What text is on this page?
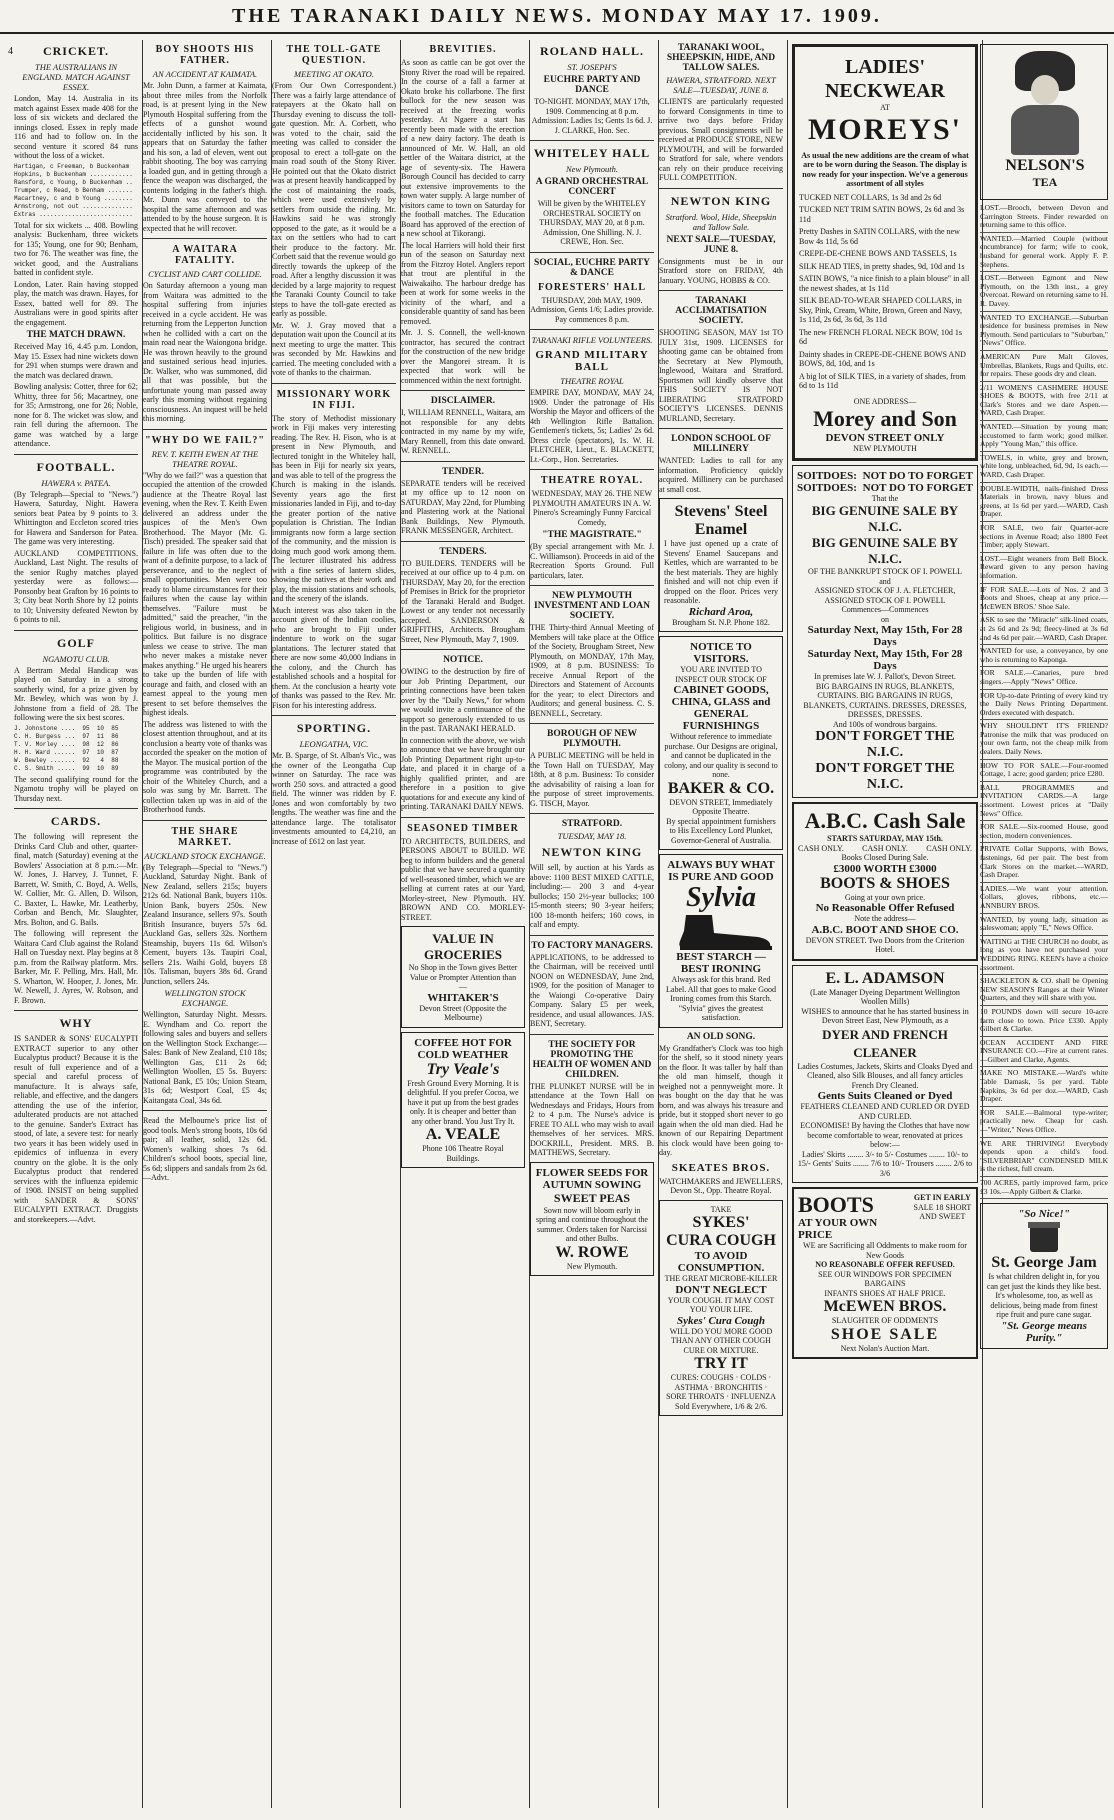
THE TARANAKI DAILY NEWS. MONDAY MAY 17. 1909.
4	CRICKET.
THE AUSTRALIANS IN ENGLAND. MATCH AGAINST ESSEX.

London, May 14. Australia in its match against Essex made 408 for the loss of six wickets and declared the innings closed. Essex in reply made 116 and had to follow on. In the second venture it scored 84 runs without the loss of a wicket.

Hartigan, c Freeman, b Buckenham
Hopkins, b Buckenham ............
Ransford, c Young, b Buckenham ..
Trumper, c Read, b Benham .......
Macartney, c and b Young ........
Armstrong, not out ..............
Extras ..........................

Total for six wickets ... 408. Bowling analysis: Buckenham, three wickets for 135; Young, one for 90; Benham, two for 76. The weather was fine, the wicket good, and the Australians batted in confident style.

London, Later. Rain having stopped play, the match was drawn. Hayes, for Essex, batted well for 89. The Australians were in good spirits after the engagement.

THE MATCH DRAWN.

Received May 16, 4.45 p.m. London, May 15. Essex had nine wickets down for 291 when stumps were drawn and the match was declared drawn.

Bowling analysis: Cotter, three for 62; Whitty, three for 56; Macartney, one for 35; Armstrong, one for 26; Noble, none for 8. The wicket was slow, and rain fell during the afternoon. The game was watched by a large attendance.

FOOTBALL.
HAWERA v. PATEA.

(By Telegraph—Special to "News.") Hawera, Saturday, Night. Hawera seniors beat Patea by 9 points to 3. Whittington and Eccleton scored tries for Hawera and Sanderson for Patea. The game was very interesting.

AUCKLAND COMPETITIONS. Auckland, Last Night. The results of the senior Rugby matches played yesterday were as follows:—Ponsonby beat Grafton by 16 points to 3; City beat North Shore by 12 points to 10; University defeated Newton by 6 points to nil.

GOLF
NGAMOTU CLUB.

A Bertram Medal Handicap was played on Saturday in a strong southerly wind, for a prize given by Mr. Bewley, which was won by J. Johnstone from a field of 28. The following were the six best scores.

J. Johnstone ....  95  10  85
C. H. Burgess ...  97  11  86
T. V. Morley ....  98  12  86
H. H. Ward ......  97  10  87
W. Bewley .......  92   4  88
C. S. Smith .....  99  10  89

The second qualifying round for the Ngamotu trophy will be played on Thursday next.

CARDS.

The following will represent the Drinks Card Club and other, quarter-final, match (Saturday) evening at the Bowlers' Association at 8 p.m.:—Mr. W. Jones, J. Harvey, J. Tunnet, F. Barrett, W. Smith, C. Boyd, A. Wells, W. Collier, Mr. G. Allen, D. Wilson, C. Baxter, L. Hawke, Mr. Leatherby, Corban and Bench, Mr. Slaughter, Mrs. Bolton, and G. Bails.

The following will represent the Waitara Card Club against the Roland Hall on Tuesday next. Play begins at 8 p.m. from the Railway platform. Mrs. Barker, Mr. F. Pelling, Mrs. Hall, Mr. S. Wharton, W. Hooper, J. Jones, Mr. W. Newell, J. Ayres, W. Robson, and F. Brown.

WHY

IS SANDER & SONS' EUCALYPTI EXTRACT superior to any other Eucalyptus product? Because it is the result of full experience and of a special and careful process of manufacture. It is always safe, reliable, and effective, and the dangers attending the use of the inferior, adulterated products are not attached to the genuine. Sander's Extract has stood, of late, a severe test: for nearly two years it has been widely used in epidemics of influenza in every country on the globe. It is the only Eucalyptus product that rendered services with the influenza epidemic of 1908. INSIST on being supplied with SANDER & SONS' EUCALYPTI EXTRACT. Druggists and storekeepers.—Advt.

BOY SHOOTS HIS FATHER.
AN ACCIDENT AT KAIMATA.

Mr. John Dunn, a farmer at Kaimata, about three miles from the Norfolk road, is at present lying in the New Plymouth Hospital suffering from the effects of a gunshot wound accidentally inflicted by his son. It appears that on Saturday the father and his son, a lad of eleven, went out rabbit shooting. The boy was carrying a loaded gun, and in getting through a fence the weapon was discharged, the contents lodging in the father's thigh. Mr. Dunn was conveyed to the hospital the same afternoon and was attended to by the house surgeon. It is expected that he will recover.

A WAITARA FATALITY.
CYCLIST AND CART COLLIDE.

On Saturday afternoon a young man from Waitara was admitted to the hospital suffering from injuries received in a cycle accident. He was returning from the Lepperton Junction when he collided with a cart on the main road near the Waiongona bridge. He was thrown heavily to the ground and sustained serious head injuries. Dr. Walker, who was summoned, did all that was possible, but the unfortunate young man passed away early this morning without regaining consciousness. An inquest will be held this morning.

"WHY DO WE FAIL?"
REV. T. KEITH EWEN AT THE THEATRE ROYAL.

"Why do we fail?" was a question that occupied the attention of the crowded audience at the Theatre Royal last evening, when the Rev. T. Keith Ewen delivered an address under the auspices of the Men's Own Brotherhood. The Mayor (Mr. G. Tisch) presided. The speaker said that failure in life was often due to the want of a definite purpose, to a lack of perseverance, and to the neglect of small opportunities. Men were too ready to blame circumstances for their failures when the cause lay within themselves. "Failure must be admitted," said the preacher, "in the religious world, in business, and in politics. But failure is no disgrace unless we cease to strive. The man who never makes a mistake never makes anything." He urged his hearers to take up the burden of life with courage and faith, and closed with an earnest appeal to the young men present to set before themselves the highest ideals.

The address was listened to with the closest attention throughout, and at its conclusion a hearty vote of thanks was accorded the speaker on the motion of the Mayor. The musical portion of the programme was contributed by the choir of the Whiteley Church, and a solo was sung by Mr. Barrett. The collection taken up was in aid of the Brotherhood funds.

THE SHARE MARKET.
AUCKLAND STOCK EXCHANGE.

(By Telegraph—Special to "News.") Auckland, Saturday Night. Bank of New Zealand, sellers 215s; buyers 212s 6d. National Bank, buyers 110s. Union Bank, buyers 250s. New Zealand Insurance, sellers 97s. South British Insurance, buyers 57s 6d. Auckland Gas, sellers 32s. Northern Steamship, buyers 11s 6d. Wilson's Cement, buyers 13s. Taupiri Coal, sellers 21s. Waihi Gold, buyers £8 10s. Talisman, buyers 38s 6d. Grand Junction, sellers 24s.

WELLINGTON STOCK EXCHANGE.

Wellington, Saturday Night. Messrs. E. Wyndham and Co. report the following sales and buyers and sellers on the Wellington Stock Exchange:—Sales: Bank of New Zealand, £10 18s; Wellington Gas, £11 2s 6d; Wellington Woollen, £5 5s. Buyers: National Bank, £5 10s; Union Steam, 31s 6d; Westport Coal, £5 4s; Kaitangata Coal, 34s 6d.

Read the Melbourne's price list of good tools. Men's strong boots, 10s 6d pair; all leather, solid, 12s 6d. Women's walking shoes 7s 6d. Children's school boots, special line, 5s 6d; slippers and sandals from 2s 6d.—Advt.

THE TOLL-GATE QUESTION.
MEETING AT OKATO.

(From Our Own Correspondent.) There was a fairly large attendance of ratepayers at the Okato hall on Thursday evening to discuss the toll-gate question. Mr. A. Corbett, who was voted to the chair, said the meeting was called to consider the proposal to erect a toll-gate on the main road south of the Stony River. He pointed out that the Okato district was at present heavily handicapped by the cost of maintaining the roads, which were used extensively by settlers from outside the riding. Mr. Hawkins said he was strongly opposed to the gate, as it would be a tax on the settlers who had to cart their produce to the factory. Mr. Corbett said that the revenue would go directly towards the upkeep of the road. After a lengthy discussion it was decided by a large majority to request the Taranaki County Council to take steps to have the toll-gate erected as early as possible.

Mr. W. J. Gray moved that a deputation wait upon the Council at its next meeting to urge the matter. This was seconded by Mr. Hawkins and carried. The meeting concluded with a vote of thanks to the chairman.

MISSIONARY WORK IN FIJI.

The story of Methodist missionary work in Fiji makes very interesting reading. The Rev. H. Fison, who is at present in New Plymouth, and lectured tonight in the Whiteley hall, has been in Fiji for nearly six years, and was able to tell of the progress the Church is making in the islands. Seventy years ago the first missionaries landed in Fiji, and to-day the greater portion of the native population is Christian. The Indian immigrants now form a large section of the community, and the mission is doing much good work among them. The lecturer illustrated his address with a fine series of lantern slides, showing the natives at their work and play, the mission stations and schools, and the scenery of the islands.

Much interest was also taken in the account given of the Indian coolies, who are brought to Fiji under indenture to work on the sugar plantations. The lecturer stated that there are now some 40,000 Indians in the colony, and the Church has established schools and a hospital for them. At the conclusion a hearty vote of thanks was passed to the Rev. Mr. Fison for his interesting address.

SPORTING.
LEONGATHA, VIC.

Mr. B. Sparge, of St. Alban's Vic., was the owner of the Leongatha Cup winner on Saturday. The race was worth 250 sovs. and attracted a good field. The winner was ridden by F. Jones and won comfortably by two lengths. The weather was fine and the attendance large. The totalisator investments amounted to £4,210, an increase of £612 on last year.

BREVITIES.

As soon as cattle can be got over the Stony River the road will be repaired. In the course of a fall a farmer at Okato broke his collarbone. The first bullock for the new season was received at the freezing works yesterday. At Ngaere a start has recently been made with the erection of a new dairy factory. The death is announced of Mr. W. Hall, an old settler of the Waitara district, at the age of seventy-six. The Hawera Borough Council has decided to carry out extensive improvements to the town water supply. A large number of visitors came to town on Saturday for the football matches. The Education Board has approved of the erection of a new school at Tikorangi.

The local Harriers will hold their first run of the season on Saturday next from the Fitzroy Hotel. Anglers report that trout are plentiful in the Waiwakaiho. The harbour dredge has been at work for some weeks in the vicinity of the wharf, and a considerable quantity of sand has been removed.

Mr. J. S. Connell, the well-known contractor, has secured the contract for the construction of the new bridge over the Mangorei stream. It is expected that work will be commenced within the next fortnight.

DISCLAIMER.

I, WILLIAM RENNELL, Waitara, am not responsible for any debts contracted in my name by my wife, Mary Rennell, from this date onward. W. RENNELL.

TENDER.

SEPARATE tenders will be received at my office up to 12 noon on SATURDAY, May 22nd, for Plumbing and Plastering work at the National Bank Buildings, New Plymouth. FRANK MESSENGER, Architect.

TENDERS.

TO BUILDERS. TENDERS will be received at our office up to 4 p.m. on THURSDAY, May 20, for the erection of Premises in Brick for the proprietor of the Taranaki Herald and Budget. Lowest or any tender not necessarily accepted. SANDERSON & GRIFFITHS, Architects. Brougham Street, New Plymouth, May 7, 1909.

NOTICE.

OWING to the destruction by fire of our Job Printing Department, our printing connections have been taken over by the "Daily News," for whom we would invite a continuance of the support so generously extended to us in the past. TARANAKI HERALD.

In connection with the above, we wish to announce that we have brought our Job Printing Department right up-to-date, and placed it in charge of a highly qualified printer, and are therefore in a position to give quotations for and execute any kind of printing. TARANAKI DAILY NEWS.

SEASONED TIMBER

TO ARCHITECTS, BUILDERS, and PERSONS ABOUT to BUILD. WE beg to inform builders and the general public that we have secured a quantity of well-seasoned timber, which we are selling at current rates at our Yard, Morley-street, New Plymouth. HY. BROWN AND CO. MORLEY-STREET.

VALUE IN GROCERIES
No Shop in the Town gives Better Value or Prompter Attention than —
WHITAKER'S
Devon Street (Opposite the Melbourne)
COFFEE HOT FOR COLD WEATHER
Try Veale's
Fresh Ground Every Morning. It is delightful. If you prefer Cocoa, we have it put up from the best grades only. It is cheaper and better than any other brand. You Just Try It.
A. VEALE
Phone 106 Theatre Royal Buildings.
ROLAND HALL.
ST. JOSEPH'S
EUCHRE PARTY AND DANCE

TO-NIGHT. MONDAY, MAY 17th, 1909. Commencing at 8 p.m. Admission: Ladies 1s; Gents 1s 6d. J. J. CLARKE, Hon. Sec.

WHITELEY HALL
New Plymouth.
A GRAND ORCHESTRAL CONCERT

Will be given by the WHITELEY ORCHESTRAL SOCIETY on THURSDAY, MAY 20, at 8 p.m. Admission, One Shilling. N. J. CREWE, Hon. Sec.

SOCIAL, EUCHRE PARTY & DANCE
FORESTERS' HALL

THURSDAY, 20th MAY, 1909. Admission, Gents 1/6; Ladies provide. Pay commences 8 p.m.

TARANAKI RIFLE VOLUNTEERS.
GRAND MILITARY BALL
THEATRE ROYAL

EMPIRE DAY, MONDAY, MAY 24, 1909. Under the patronage of His Worship the Mayor and officers of the 4th Wellington Rifle Battalion. Gentlemen's tickets, 5s; Ladies' 2s 6d. Dress circle (spectators), 1s. W. H. FLETCHER, Lieut., E. BLACKETT, Lt.-Corp., Hon. Secretaries.

THEATRE ROYAL.

WEDNESDAY, MAY 26. THE NEW PLYMOUTH AMATEURS IN A. W. Pinero's Screamingly Funny Farcical Comedy,

"THE MAGISTRATE."

(By special arrangement with Mr. J. C. Williamson). Proceeds in aid of the Recreation Sports Ground. Full particulars, later.

NEW PLYMOUTH INVESTMENT AND LOAN SOCIETY.

THE Thirty-third Annual Meeting of Members will take place at the Office of the Society, Brougham Street, New Plymouth, on MONDAY, 17th May, 1909, at 8 p.m. BUSINESS: To receive Annual Report of the Directors and Statement of Accounts for the year; to elect Directors and Auditors; and general business. C. S. BENNELL, Secretary.

BOROUGH OF NEW PLYMOUTH.

A PUBLIC MEETING will be held in the Town Hall on TUESDAY, May 18th, at 8 p.m. Business: To consider the advisability of raising a loan for the purpose of street improvements. G. TISCH, Mayor.

STRATFORD.
TUESDAY, MAY 18.
NEWTON KING

Will sell, by auction at his Yards as above: 1100 BEST MIXED CATTLE, including:— 200 3 and 4-year bullocks; 150 2½-year bullocks; 100 15-month steers; 90 3-year heifers; 100 18-month heifers; 160 cows, in calf and empty.

TO FACTORY MANAGERS.

APPLICATIONS, to be addressed to the Chairman, will be received until NOON on WEDNESDAY, June 2nd, 1909, for the position of Manager to the Waiongi Co-operative Dairy Company. Salary £5 per week, residence, and usual allowances. JAS. BENT, Secretary.

THE SOCIETY FOR PROMOTING THE HEALTH OF WOMEN AND CHILDREN.

THE PLUNKET NURSE will be in attendance at the Town Hall on Wednesdays and Fridays, Hours from 2 to 4 p.m. The Nurse's advice is FREE TO ALL who may wish to avail themselves of her services. MRS. DOCKRILL, President. MRS. B. MATTHEWS, Secretary.

FLOWER SEEDS FOR AUTUMN SOWING
SWEET PEAS
Sown now will bloom early in spring and continue throughout the summer. Orders taken for Narcissi and other Bulbs.
W. ROWE
New Plymouth.
TARANAKI WOOL, SHEEPSKIN, HIDE, AND TALLOW SALES.
HAWERA, STRATFORD. NEXT SALE—TUESDAY, JUNE 8.

CLIENTS are particularly requested to forward Consignments in time to arrive two days before Friday previous. Small consignments will be received at PRODUCE STORE, NEW PLYMOUTH, and will be forwarded to Stratford for sale, where vendors can rely on their produce receiving FULL COMPETITION.

NEWTON KING
Stratford. Wool, Hide, Sheepskin and Tallow Sale.
NEXT SALE—TUESDAY, JUNE 8.

Consignments must be in our Stratford store on FRIDAY, 4th January. YOUNG, HOBBS & CO.

TARANAKI ACCLIMATISATION SOCIETY.

SHOOTING SEASON, MAY 1st TO JULY 31st, 1909. LICENSES for shooting game can be obtained from the Secretary at New Plymouth, Inglewood, Waitara and Stratford. Sportsmen will kindly observe that THIS SOCIETY IS NOT LIBERATING STRATFORD SOCIETY'S LICENSES. DENNIS MURLAND, Secretary.

LONDON SCHOOL OF MILLINERY

WANTED: Ladies to call for any information. Proficiency quickly acquired. Millinery can be purchased at small cost.

Stevens' Steel Enamel
I have just opened up a crate of Stevens' Enamel Saucepans and Kettles, which are warranted to be the best materials. They are highly finished and will not chip even if dropped on the floor. Prices very reasonable.
Richard Aroa,
Brougham St. N.P. Phone 182.
NOTICE TO VISITORS.
YOU ARE INVITED TO INSPECT OUR STOCK OF
CABINET GOODS, CHINA, GLASS and GENERAL FURNISHINGS
Without reference to immediate purchase. Our Designs are original, and cannot be duplicated in the colony, and our quality is second to none.
BAKER & CO.
DEVON STREET, Immediately Opposite Theatre.
By special appointment furnishers to His Excellency Lord Plunket, Governor-General of Australia.
ALWAYS BUY WHAT IS PURE AND GOOD
Sylvia
BEST STARCH — BEST IRONING
Always ask for this brand. Red Label. All that goes to make Good Ironing comes from this Starch. "Sylvia" gives the greatest satisfaction.
AN OLD SONG.

My Grandfather's Clock was too high for the shelf, so it stood ninety years on the floor. It was taller by half than the old man himself, though it weighed not a pennyweight more. It was bought on the day that he was born, and was always his treasure and pride, but it stopped short never to go again when the old man died. Had he known of our Repairing Department his clock would have been going to-day.

SKEATES BROS.

WATCHMAKERS and JEWELLERS, Devon St., Opp. Theatre Royal.

TAKE
SYKES'
CURA COUGH
TO AVOID CONSUMPTION.
THE GREAT MICROBE-KILLER
DON'T NEGLECT
YOUR COUGH. IT MAY COST YOU YOUR LIFE.
Sykes' Cura Cough
WILL DO YOU MORE GOOD THAN ANY OTHER COUGH CURE OR MIXTURE.
TRY IT
CURES: COUGHS · COLDS · ASTHMA · BRONCHITIS · SORE THROATS · INFLUENZA
Sold Everywhere, 1/6 & 2/6.
LADIES' NECKWEAR
AT
MOREYS'
As usual the new additions are the cream of what are to be worn during the Season. The display is now ready for your inspection. We've a generous assortment of all styles
TUCKED NET COLLARS, 1s 3d and 2s 6d
TUCKED NET TRIM SATIN BOWS, 2s 6d and 3s 11d
Pretty Dashes in SATIN COLLARS, with the new Bow 4s 11d, 5s 6d
CREPE-DE-CHENE BOWS AND TASSELS, 1s
SILK HEAD TIES, in pretty shades, 9d, 10d and 1s
SATIN BOWS, "a nice finish to a plain blouse" in all the newest shades, at 1s 11d
SILK BEAD-TO-WEAR SHAPED COLLARS, in Sky, Pink, Cream, White, Brown, Green and Navy, 1s 11d, 2s 6d, 3s 6d, 3s 11d
The new FRENCH FLORAL NECK BOW, 10d 1s 6d
Dainty shades in CREPE-DE-CHENE BOWS AND BOWS, 8d, 10d, and 1s
A big lot of SILK TIES, in a variety of shades, from 6d to 1s 11d
ONE ADDRESS—
Morey and Son
DEVON STREET ONLY
NEW PLYMOUTH
SOITDOES: NOT DO TO FORGET
SOITDOES: NOT DO TO FORGET
That the
BIG GENUINE SALE BY N.I.C.
BIG GENUINE SALE BY N.I.C.
OF THE BANKRUPT STOCK OF I. POWELL
and
ASSIGNED STOCK OF J. A. FLETCHER, ASSIGNED STOCK OF I. POWELL
Commences—Commences
on
Saturday Next, May 15th, For 28 Days
Saturday Next, May 15th, For 28 Days
In premises late W. J. Pallot's, Devon Street.
BIG BARGAINS IN RUGS, BLANKETS, CURTAINS. BIG BARGAINS IN RUGS, BLANKETS, CURTAINS. DRESSES, DRESSES, DRESSES, DRESSES.
And 100s of wondrous bargains.
DON'T FORGET THE N.I.C.
DON'T FORGET THE N.I.C.
A.B.C. Cash Sale
STARTS SATURDAY, MAY 15th.
CASH ONLY. CASH ONLY. CASH ONLY.
Books Closed During Sale.
£3000 WORTH £3000
BOOTS & SHOES
Going at your own price.
No Reasonable Offer Refused
Note the address—
A.B.C. BOOT AND SHOE CO.
DEVON STREET. Two Doors from the Criterion Hotel.
E. L. ADAMSON
(Late Manager Dyeing Department Wellington Woollen Mills)
WISHES to announce that he has started business in Devon Street East, New Plymouth, as a
DYER AND FRENCH CLEANER
Ladies Costumes, Jackets, Skirts and Cloaks Dyed and Cleaned, also Silk Blouses, and all fancy articles French Dry Cleaned.
Gents Suits Cleaned or Dyed
FEATHERS CLEANED AND CURLED OR DYED AND CURLED.
ECONOMISE! By having the Clothes that have now become comfortable to wear, renovated at prices below:—
Ladies' Skirts ........ 3/- to 5/- Costumes ........ 10/- to 15/- Gents' Suits ........ 7/6 to 10/- Trousers ........ 2/6 to 3/6
BOOTS
AT YOUR OWN PRICE
GET IN EARLY
SALE 18 SHORT AND SWEET
WE are Sacrificing all Oddments to make room for New Goods
NO REASONABLE OFFER REFUSED.
SEE OUR WINDOWS FOR SPECIMEN BARGAINS
INFANTS SHOES AT HALF PRICE.
McEWEN BROS.
SLAUGHTER OF ODDMENTS
SHOE SALE
Next Nolan's Auction Mart.
NELSON'S
TEA

LOST.—Brooch, between Devon and Carrington Streets. Finder rewarded on returning same to this office.

WANTED.—Married Couple (without encumbrance) for farm; wife to cook, husband for general work. Apply F. P. Stephens.

LOST.—Between Egmont and New Plymouth, on the 13th inst., a grey Overcoat. Reward on returning same to H. R. Davey.

WANTED TO EXCHANGE.—Suburban residence for business premises in New Plymouth. Send particulars to "Suburban," "News" Office.

AMERICAN Pure Malt Gloves, Umbrellas, Blankets, Rugs and Quilts, etc. for repairs. These goods dry and clean.

2/11 WOMEN'S CASHMERE HOUSE SHOES & BOOTS, with free 2/11 at Clark's Stores and we dare Aspen.—WARD, Cash Draper.

WANTED.—Situation by young man; accustomed to farm work; good milker. Apply "Young Man," this office.

TOWELS, in white, grey and brown, white long, unbleached, 6d, 9d, 1s each.—WARD, Cash Draper.

DOUBLE-WIDTH, nails-finished Dress Materials in brown, navy blues and greens, at 1s 6d per yard.—WARD, Cash Draper.

FOR SALE, two fair Quarter-acre sections in Avenue Road; also 1800 Feet Timber; apply Stewart.

LOST.—Eight weaners from Bell Block. Reward given to any person having information.

IF FOR SALE.—Lots of Nos. 2 and 3 Boots and Shoes, cheap at any price.—McEWEN BROS.' Shoe Sale.

ASK to see the "Miracle" silk-lined coats, at 2s 6d and 2s 9d; fleecy-lined at 3s 6d and 4s 6d per pair.—WARD, Cash Draper.

WANTED for use, a conveyance, by one who is returning to Kaponga.

FOR SALE.—Canaries, pure bred singers.—Apply "News" Office.

FOR Up-to-date Printing of every kind try the Daily News Printing Department. Orders executed with despatch.

WHY SHOULDN'T IT'S FRIEND? Patronise the milk that was produced on your own farm, not the cheap milk from dealers. Daily News.

HOW TO FOR SALE.—Four-roomed Cottage, 1 acre; good garden; price £280.

BALL PROGRAMMES and INVITATION CARDS.—A large assortment. Lowest prices at "Daily News" Office.

FOR SALE.—Six-roomed House, good section, modern conveniences.

PRIVATE Collar Supports, with Bows, fastenings, 6d per pair. The best from Clark Stores on the market.—WARD, Cash Draper.

LADIES.—We want your attention. Collars, gloves, ribbons, etc.—ANNBURY BROS.

WANTED, by young lady, situation as saleswoman; apply "E," News Office.

WAITING at THE CHURCH no doubt, as long as you have not purchased your WEDDING RING. KEEN's have a choice assortment.

SHACKLETON & CO. shall be Opening NEW SEASON'S Ranges at their Winter Quarters, and they will share with you.

10 POUNDS down will secure 10-acre farm close to town. Price £330. Apply Gilbert & Clarke.

OCEAN ACCIDENT AND FIRE INSURANCE CO.—Fire at current rates.—Gilbert and Clarke, Agents.

MAKE NO MISTAKE.—Ward's white Table Damask, 5s per yard. Table Napkins, 3s 6d per doz.—WARD, Cash Draper.

FOR SALE.—Balmoral type-writer; practically new. Cheap for cash.—"Writer," News Office.

WE ARE THRIVING! Everybody depends upon a child's food. "SILVERBRIAR" CONDENSED MILK is the richest, full cream.

700 ACRES, partly improved farm, price £3 10s.—Apply Gilbert & Clarke.

"So Nice!"
St. George Jam
Is what children delight in, for you can get just the kinds they like best. It's wholesome, too, as well as delicious, being made from finest ripe fruit and pure cane sugar.
"St. George means Purity."
